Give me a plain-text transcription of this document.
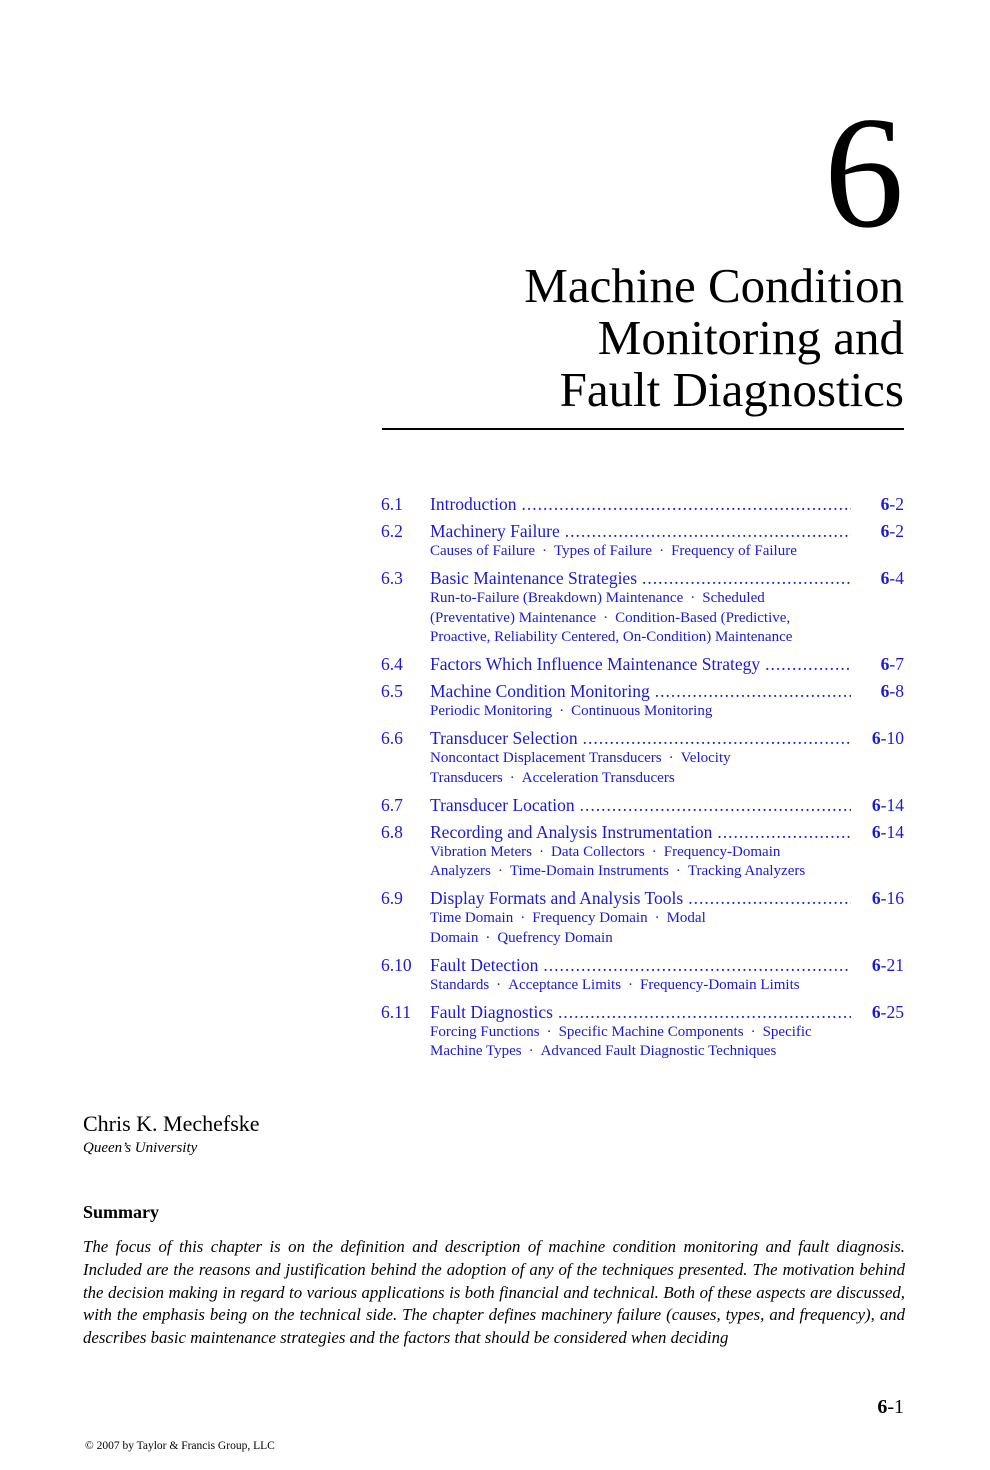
6
Machine Condition
Monitoring and
Fault Diagnostics
6.1	Introduction .....	6-2
6.2	Machinery Failure .....	6-2
Causes of Failure · Types of Failure · Frequency of Failure
6.3	Basic Maintenance Strategies .....	6-4
Run-to-Failure (Breakdown) Maintenance · Scheduled (Preventative) Maintenance · Condition-Based (Predictive, Proactive, Reliability Centered, On-Condition) Maintenance
6.4	Factors Which Influence Maintenance Strategy .....	6-7
6.5	Machine Condition Monitoring .....	6-8
Periodic Monitoring · Continuous Monitoring
6.6	Transducer Selection .....	6-10
Noncontact Displacement Transducers · Velocity Transducers · Acceleration Transducers
6.7	Transducer Location .....	6-14
6.8	Recording and Analysis Instrumentation .....	6-14
Vibration Meters · Data Collectors · Frequency-Domain Analyzers · Time-Domain Instruments · Tracking Analyzers
6.9	Display Formats and Analysis Tools .....	6-16
Time Domain · Frequency Domain · Modal Domain · Quefrency Domain
6.10	Fault Detection .....	6-21
Standards · Acceptance Limits · Frequency-Domain Limits
6.11	Fault Diagnostics .....	6-25
Forcing Functions · Specific Machine Components · Specific Machine Types · Advanced Fault Diagnostic Techniques
Chris K. Mechefske
Queen’s University
Summary
The focus of this chapter is on the definition and description of machine condition monitoring and fault diagnosis. Included are the reasons and justification behind the adoption of any of the techniques presented. The motivation behind the decision making in regard to various applications is both financial and technical. Both of these aspects are discussed, with the emphasis being on the technical side. The chapter defines machinery failure (causes, types, and frequency), and describes basic maintenance strategies and the factors that should be considered when deciding
6-1
© 2007 by Taylor & Francis Group, LLC
